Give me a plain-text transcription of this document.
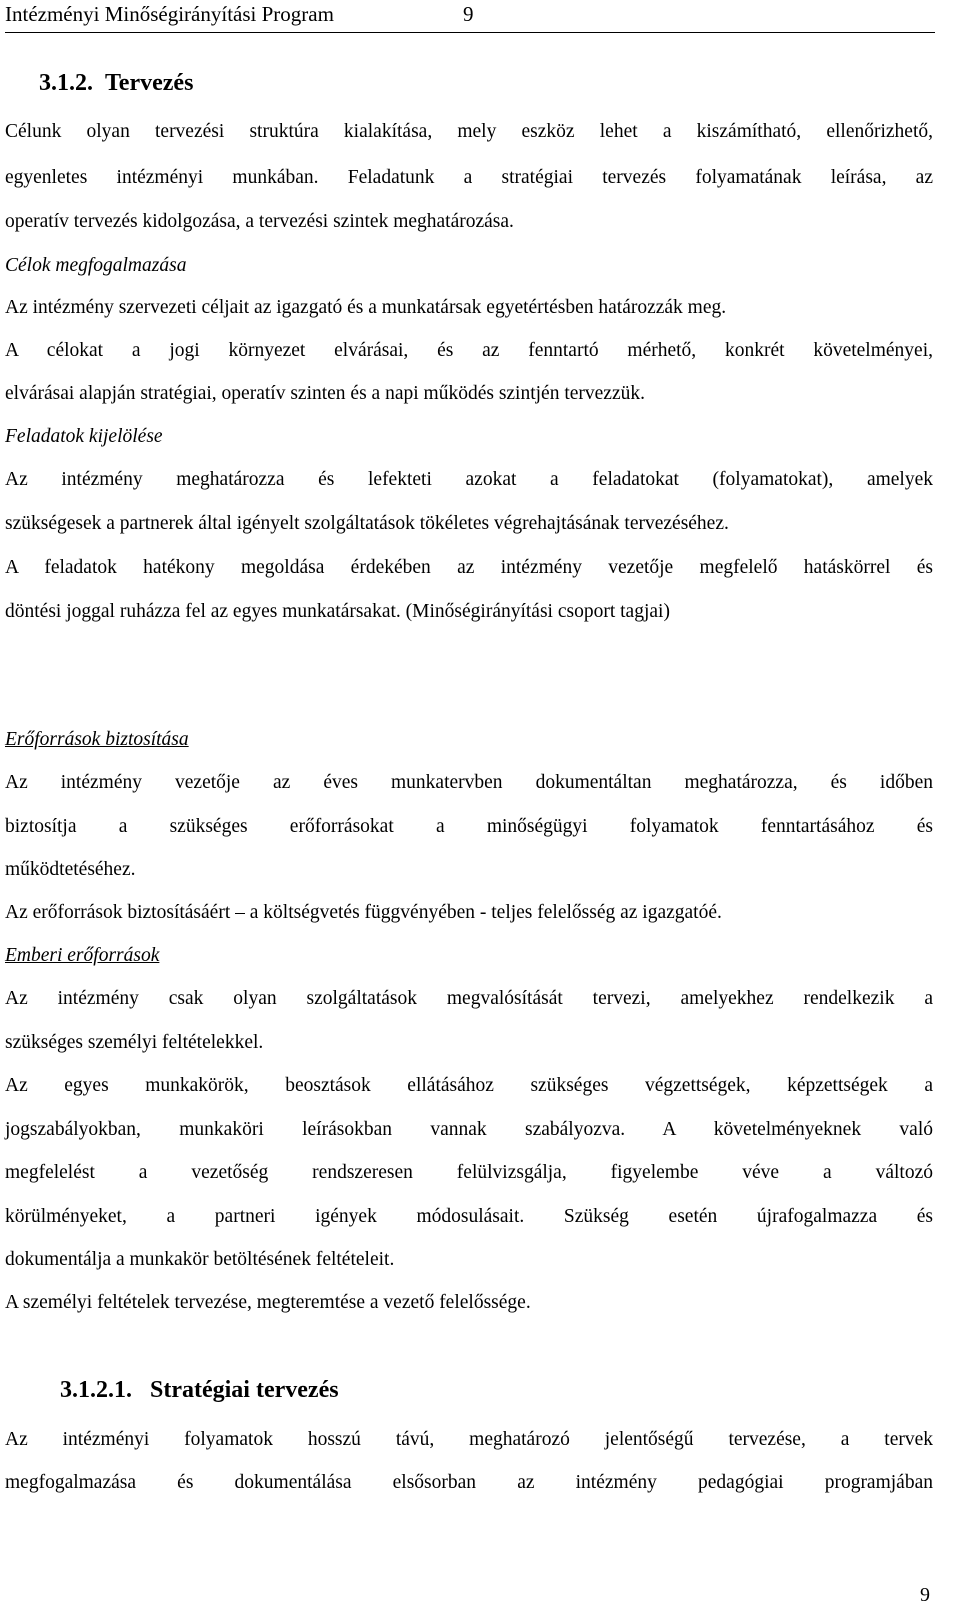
Intézményi Minőségirányítási Program	9
3.1.2. Tervezés
Célunk olyan tervezési struktúra kialakítása, mely eszköz lehet a kiszámítható, ellenőrizhető,
egyenletes intézményi munkában. Feladatunk a stratégiai tervezés folyamatának leírása, az
operatív tervezés kidolgozása, a tervezési szintek meghatározása.
Célok megfogalmazása
Az intézmény szervezeti céljait az igazgató és a munkatársak egyetértésben határozzák meg.
A célokat a jogi környezet elvárásai, és az fenntartó mérhető, konkrét követelményei,
elvárásai alapján stratégiai, operatív szinten és a napi működés szintjén tervezzük.
Feladatok kijelölése
Az intézmény meghatározza és lefekteti azokat a feladatokat (folyamatokat), amelyek
szükségesek a partnerek által igényelt szolgáltatások tökéletes végrehajtásának tervezéséhez.
A feladatok hatékony megoldása érdekében az intézmény vezetője megfelelő hatáskörrel és
döntési joggal ruházza fel az egyes munkatársakat. (Minőségirányítási csoport tagjai)
Erőforrások biztosítása
Az intézmény vezetője az éves munkatervben dokumentáltan meghatározza, és időben
biztosítja a szükséges erőforrásokat a minőségügyi folyamatok fenntartásához és
működtetéséhez.
Az erőforrások biztosításáért – a költségvetés függvényében - teljes felelősség az igazgatóé.
Emberi erőforrások
Az intézmény csak olyan szolgáltatások megvalósítását tervezi, amelyekhez rendelkezik a
szükséges személyi feltételekkel.
Az egyes munkakörök, beosztások ellátásához szükséges végzettségek, képzettségek a
jogszabályokban, munkaköri leírásokban vannak szabályozva. A követelményeknek való
megfelelést a vezetőség rendszeresen felülvizsgálja, figyelembe véve a változó
körülményeket, a partneri igények módosulásait. Szükség esetén újrafogalmazza és
dokumentálja a munkakör betöltésének feltételeit.
A személyi feltételek tervezése, megteremtése a vezető felelőssége.
3.1.2.1. Stratégiai tervezés
Az intézményi folyamatok hosszú távú, meghatározó jelentőségű tervezése, a tervek
megfogalmazása és dokumentálása elsősorban az intézmény pedagógiai programjában
9
